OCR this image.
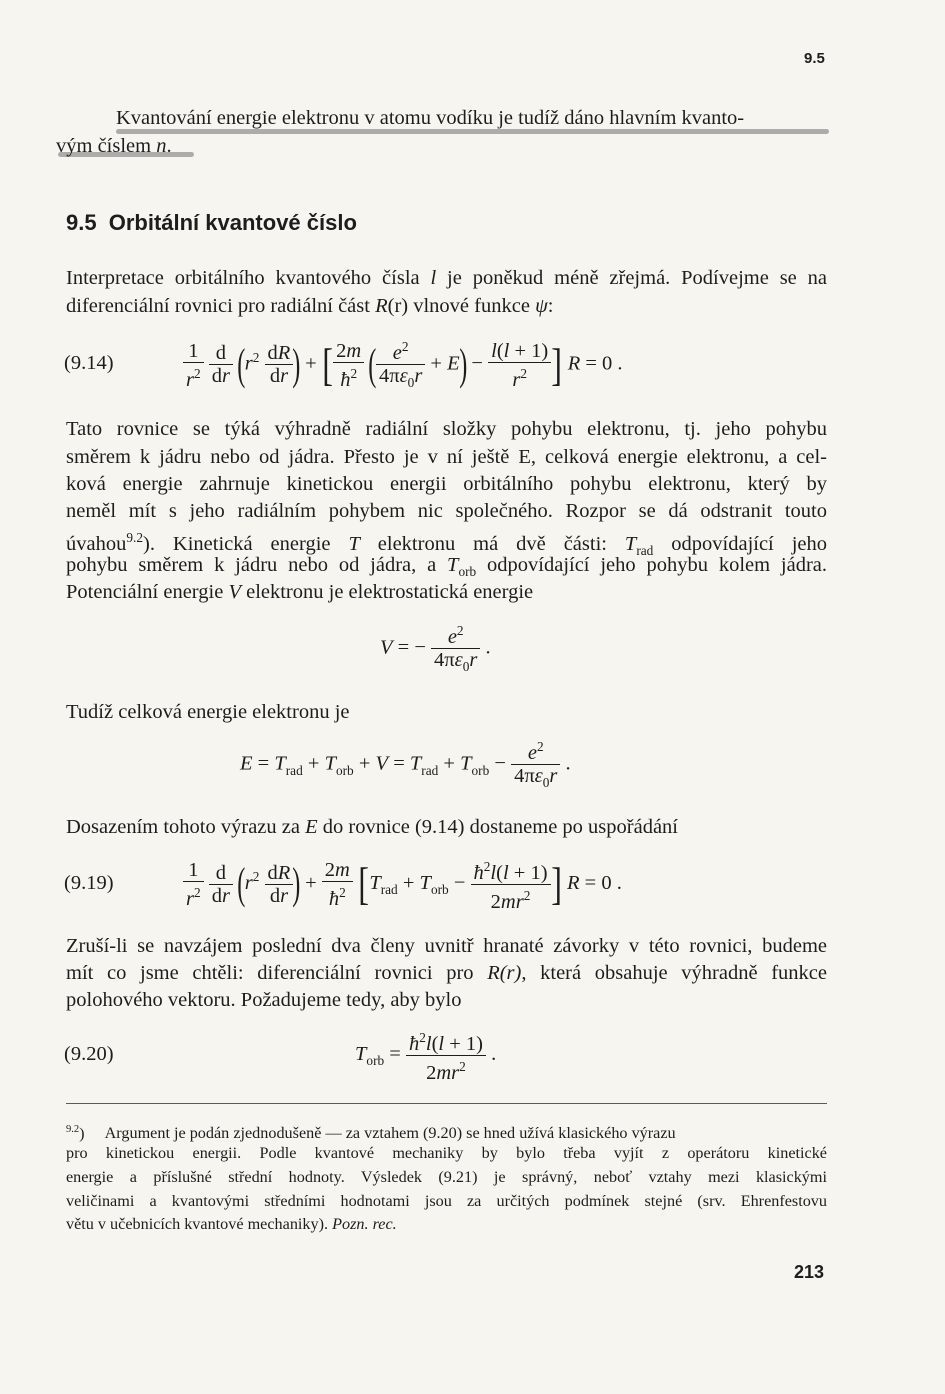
9.5
Kvantování energie elektronu v atomu vodíku je tudíž dáno hlavním kvanto-
vým číslem n.
9.5 Orbitální kvantové číslo
Interpretace orbitálního kvantového čísla l je poněkud méně zřejmá. Podívejme se na
diferenciální rovnici pro radiální část R(r) vlnové funkce ψ:
(9.14)	$\frac{1}{r^2}$
$\frac{d}{dr} (r^2 \frac{dR}{dr}$ ) + [ $\frac{2m}{ħ^2}$ ( $\frac{e^2}{4\pi\varepsilon_0r} + E) - \frac{l(l + 1)}{r^2}$ ] R = 0 .
Tato rovnice se týká výhradně radiální složky pohybu elektronu, tj. jeho pohybu
směrem k jádru nebo od jádra. Přesto je v ní ještě E, celková energie elektronu, a cel-
ková energie zahrnuje kinetickou energii orbitálního pohybu elektronu, který by
neměl mít s jeho radiálním pohybem nic společného. Rozpor se dá odstranit touto
úvahou$^{9.2}$). Kinetická energie T elektronu má dvě části: $T_{rad}$ odpovídající jeho
pohybu směrem k jádru nebo od jádra, a $T_{orb}$ odpovídající jeho pohybu kolem jádra.
Potenciální energie V elektronu je elektrostatická energie
V = − $\frac{e^2}{4\pi\varepsilon_0r}$ .
Tudíž celková energie elektronu je
$E = T_{rad} + T_{orb} + V = T_{rad} + T_{orb} - \frac{e^2}{4\pi\varepsilon_0r}$ .
Dosazením tohoto výrazu za E do rovnice (9.14) dostaneme po uspořádání
(9.19)	$\frac{1}{r^2}$
$\frac{d}{dr} (r^2 \frac{dR}{dr}$ ) + $\frac{2m}{ħ^2} [T_{rad} + T_{orb} - \frac{ħ^2l(l + 1)}{2mr^2}$ ] R = 0 .
Zruší-li se navzájem poslední dva členy uvnitř hranaté závorky v této rovnici, budeme
mít co jsme chtěli: diferenciální rovnici pro R(r), která obsahuje výhradně funkce
polohového vektoru. Požadujeme tedy, aby bylo
(9.20)	$T_{orb} = \frac{ħ^2l(l + 1)}{2mr^2}$ .
$^{9.2}$) Argument je podán zjednodušeně — za vztahem (9.20) se hned užívá klasického výrazu
pro kinetickou energii. Podle kvantové mechaniky by bylo třeba vyjít z operátoru kinetické
energie a příslušné střední hodnoty. Výsledek (9.21) je správný, neboť vztahy mezi klasickými
veličinami a kvantovými středními hodnotami jsou za určitých podmínek stejné (srv. Ehrenfestovu
větu v učebnicích kvantové mechaniky). Pozn. rec.
213
